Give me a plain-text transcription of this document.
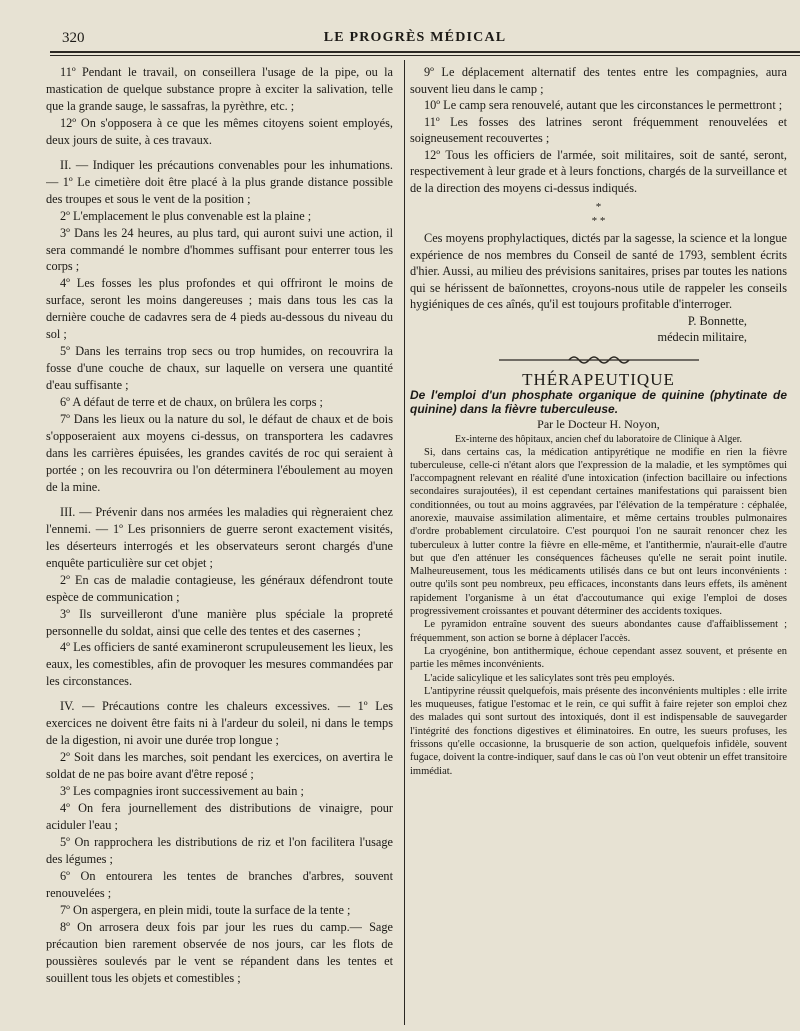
320	LE PROGRÈS MÉDICAL

11º Pendant le travail, on conseillera l'usage de la pipe, ou la mastication de quelque substance propre à exciter la salivation, telle que la grande sauge, le sassafras, la pyrèthre, etc. ;

12º On s'opposera à ce que les mêmes citoyens soient employés, deux jours de suite, à ces travaux.

II. — Indiquer les précautions convenables pour les inhumations. — 1º Le cimetière doit être placé à la plus grande distance possible des troupes et sous le vent de la position ;

2º L'emplacement le plus convenable est la plaine ;

3º Dans les 24 heures, au plus tard, qui auront suivi une action, il sera commandé le nombre d'hommes suffisant pour enterrer tous les corps ;

4º Les fosses les plus profondes et qui offriront le moins de surface, seront les moins dangereuses ; mais dans tous les cas la dernière couche de cadavres sera de 4 pieds au-dessous du niveau du sol ;

5º Dans les terrains trop secs ou trop humides, on recouvrira la fosse d'une couche de chaux, sur laquelle on versera une quantité d'eau suffisante ;

6º A défaut de terre et de chaux, on brûlera les corps ;

7º Dans les lieux ou la nature du sol, le défaut de chaux et de bois s'opposeraient aux moyens ci-dessus, on transportera les cadavres dans les carrières épuisées, les grandes cavités de roc qui seraient à portée ; on les recouvrira ou l'on déterminera l'éboulement au moyen de la mine.

III. — Prévenir dans nos armées les maladies qui règneraient chez l'ennemi. — 1º Les prisonniers de guerre seront exactement visités, les déserteurs interrogés et les observateurs seront chargés d'une enquête particulière sur cet objet ;

2º En cas de maladie contagieuse, les généraux défendront toute espèce de communication ;

3º Ils surveilleront d'une manière plus spéciale la propreté personnelle du soldat, ainsi que celle des tentes et des casernes ;

4º Les officiers de santé examineront scrupuleusement les lieux, les eaux, les comestibles, afin de provoquer les mesures commandées par les circonstances.

IV. — Précautions contre les chaleurs excessives. — 1º Les exercices ne doivent être faits ni à l'ardeur du soleil, ni dans le temps de la digestion, ni avoir une durée trop longue ;

2º Soit dans les marches, soit pendant les exercices, on avertira le soldat de ne pas boire avant d'être reposé ;

3º Les compagnies iront successivement au bain ;

4º On fera journellement des distributions de vinaigre, pour aciduler l'eau ;

5º On rapprochera les distributions de riz et l'on facilitera l'usage des légumes ;

6º On entourera les tentes de branches d'arbres, souvent renouvelées ;

7º On aspergera, en plein midi, toute la surface de la tente ;

8º On arrosera deux fois par jour les rues du camp.— Sage précaution bien rarement observée de nos jours, car les flots de poussières soulevés par le vent se répandent dans les tentes et souillent tous les objets et comestibles ;

9º Le déplacement alternatif des tentes entre les compagnies, aura souvent lieu dans le camp ;

10º Le camp sera renouvelé, autant que les circonstances le permettront ;

11º Les fosses des latrines seront fréquemment renouvelées et soigneusement recouvertes ;

12º Tous les officiers de l'armée, soit militaires, soit de santé, seront, respectivement à leur grade et à leurs fonctions, chargés de la surveillance et de la direction des moyens ci-dessus indiqués.

*
* *

Ces moyens prophylactiques, dictés par la sagesse, la science et la longue expérience de nos membres du Conseil de santé de 1793, semblent écrits d'hier. Aussi, au milieu des prévisions sanitaires, prises par toutes les nations qui se hérissent de baïonnettes, croyons-nous utile de rappeler les conseils hygiéniques de ces aînés, qu'il est toujours profitable d'interroger.

P. Bonnette,

médecin militaire,

THÉRAPEUTIQUE

De l'emploi d'un phosphate organique de quinine (phytinate de quinine) dans la fièvre tuberculeuse.

Par le Docteur H. Noyon,

Ex-interne des hôpitaux, ancien chef du laboratoire de Clinique à Alger.

Si, dans certains cas, la médication antipyrétique ne modifie en rien la fièvre tuberculeuse, celle-ci n'étant alors que l'expression de la maladie, et les symptômes qui l'accompagnent relevant en réalité d'une intoxication (infection bacillaire ou infections secondaires surajoutées), il est cependant certaines manifestations qui paraissent bien conditionnées, ou tout au moins aggravées, par l'élévation de la température : céphalée, anorexie, mauvaise assimilation alimentaire, et même certains troubles pulmonaires d'ordre probablement circulatoire. C'est pourquoi l'on ne saurait renoncer chez les tuberculeux à lutter contre la fièvre en elle-même, et l'antithermie, n'aurait-elle d'autre but que d'en atténuer les conséquences fâcheuses qu'elle ne serait point inutile. Malheureusement, tous les médicaments utilisés dans ce but ont leurs inconvénients : outre qu'ils sont peu nombreux, peu efficaces, inconstants dans leurs effets, ils amènent rapidement l'organisme à un état d'accoutumance qui exige l'emploi de doses progressivement croissantes et pouvant déterminer des accidents toxiques.

Le pyramidon entraîne souvent des sueurs abondantes cause d'affaiblissement ; fréquemment, son action se borne à déplacer l'accès.

La cryogénine, bon antithermique, échoue cependant assez souvent, et présente en partie les mêmes inconvénients.

L'acide salicylique et les salicylates sont très peu employés.

L'antipyrine réussit quelquefois, mais présente des inconvénients multiples : elle irrite les muqueuses, fatigue l'estomac et le rein, ce qui suffit à faire rejeter son emploi chez des malades qui sont surtout des intoxiqués, dont il est indispensable de sauvegarder l'intégrité des fonctions digestives et éliminatoires. En outre, les sueurs profuses, les frissons qu'elle occasionne, la brusquerie de son action, quelquefois infidèle, souvent fugace, doivent la contre-indiquer, sauf dans le cas où l'on veut obtenir un effet transitoire immédiat.
